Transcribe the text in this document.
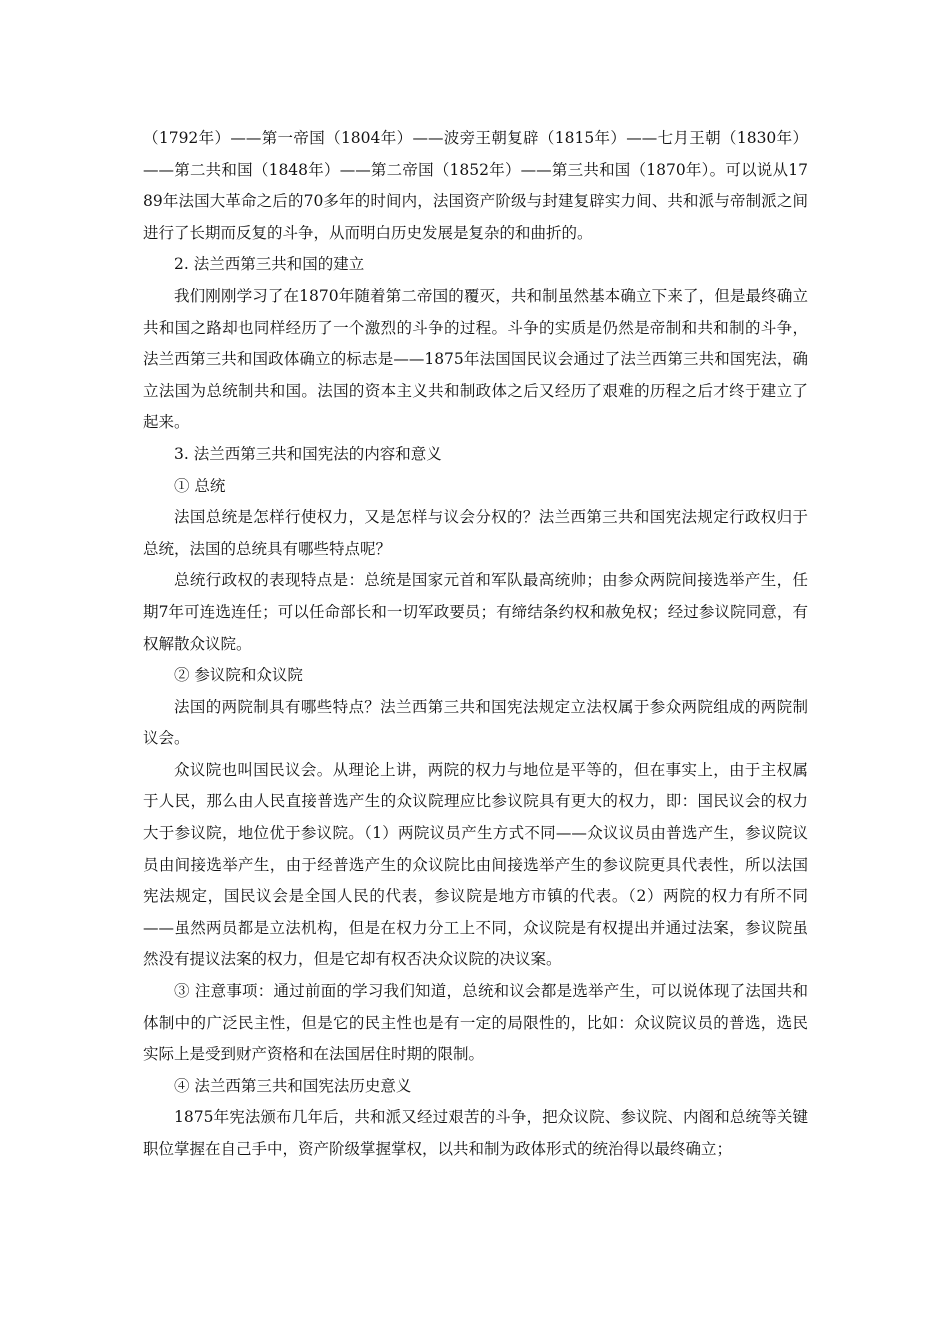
（1792年）——第一帝国（1804年）——波旁王朝复辟（1815年）——七月王朝（1830年）——第二共和国（1848年）——第二帝国（1852年）——第三共和国（1870年）。可以说从1789年法国大革命之后的70多年的时间内，法国资产阶级与封建复辟实力间、共和派与帝制派之间进行了长期而反复的斗争，从而明白历史发展是复杂的和曲折的。

2. 法兰西第三共和国的建立

我们刚刚学习了在1870年随着第二帝国的覆灭，共和制虽然基本确立下来了，但是最终确立共和国之路却也同样经历了一个激烈的斗争的过程。斗争的实质是仍然是帝制和共和制的斗争，法兰西第三共和国政体确立的标志是——1875年法国国民议会通过了法兰西第三共和国宪法，确立法国为总统制共和国。法国的资本主义共和制政体之后又经历了艰难的历程之后才终于建立了起来。

3. 法兰西第三共和国宪法的内容和意义

① 总统

法国总统是怎样行使权力，又是怎样与议会分权的？法兰西第三共和国宪法规定行政权归于总统，法国的总统具有哪些特点呢？

总统行政权的表现特点是：总统是国家元首和军队最高统帅；由参众两院间接选举产生，任期7年可连选连任；可以任命部长和一切军政要员；有缔结条约权和赦免权；经过参议院同意，有权解散众议院。

② 参议院和众议院

法国的两院制具有哪些特点？法兰西第三共和国宪法规定立法权属于参众两院组成的两院制议会。

众议院也叫国民议会。从理论上讲，两院的权力与地位是平等的，但在事实上，由于主权属于人民，那么由人民直接普选产生的众议院理应比参议院具有更大的权力，即：国民议会的权力大于参议院，地位优于参议院。（1）两院议员产生方式不同——众议议员由普选产生，参议院议员由间接选举产生，由于经普选产生的众议院比由间接选举产生的参议院更具代表性，所以法国宪法规定，国民议会是全国人民的代表，参议院是地方市镇的代表。（2）两院的权力有所不同——虽然两员都是立法机构，但是在权力分工上不同，众议院是有权提出并通过法案，参议院虽然没有提议法案的权力，但是它却有权否决众议院的决议案。

③ 注意事项：通过前面的学习我们知道，总统和议会都是选举产生，可以说体现了法国共和体制中的广泛民主性，但是它的民主性也是有一定的局限性的，比如：众议院议员的普选，选民实际上是受到财产资格和在法国居住时期的限制。

④ 法兰西第三共和国宪法历史意义

1875年宪法颁布几年后，共和派又经过艰苦的斗争，把众议院、参议院、内阁和总统等关键职位掌握在自己手中，资产阶级掌握掌权，以共和制为政体形式的统治得以最终确立；
